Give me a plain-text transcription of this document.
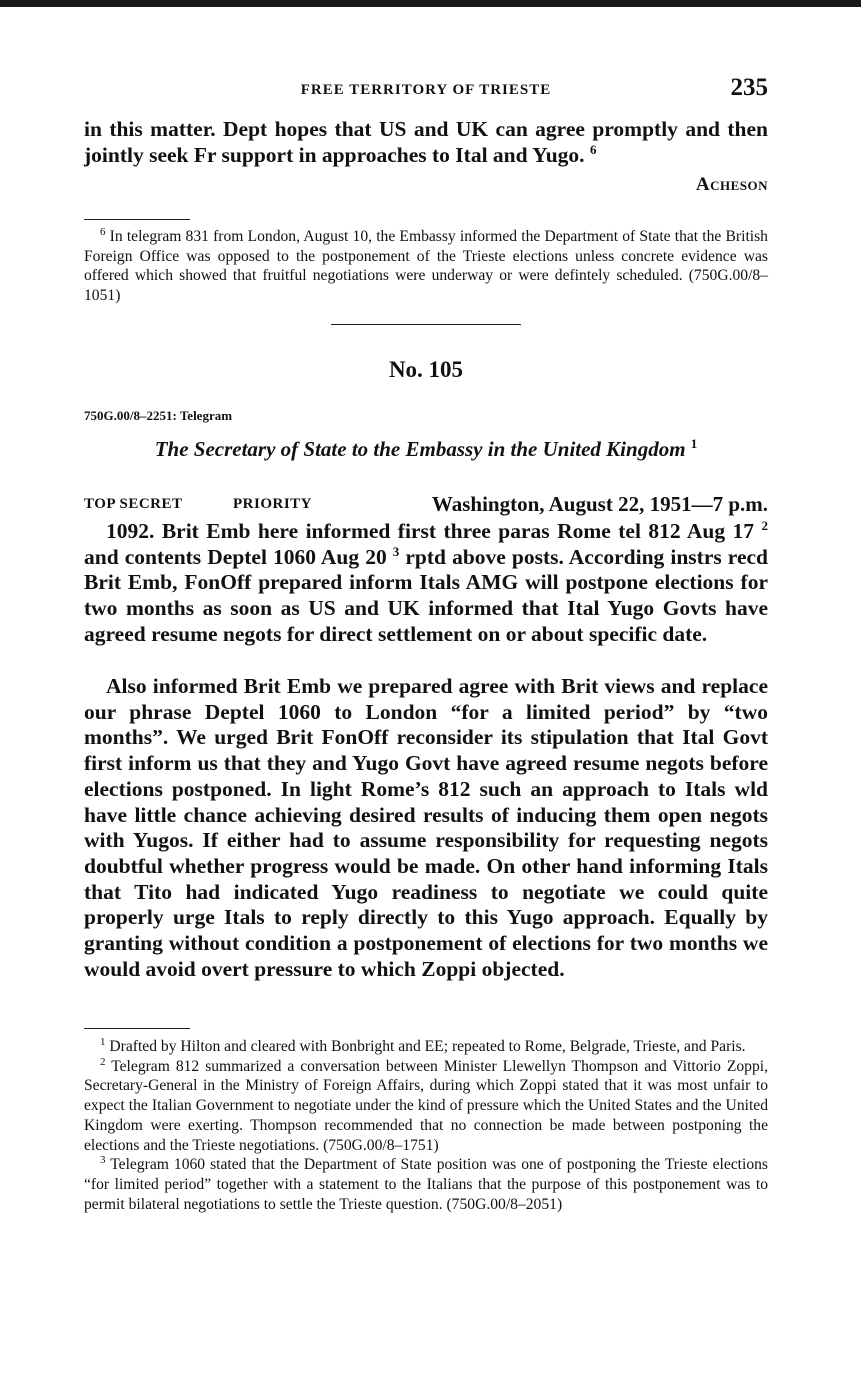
FREE TERRITORY OF TRIESTE	235
in this matter. Dept hopes that US and UK can agree promptly and then jointly seek Fr support in approaches to Ital and Yugo. $^6$
Acheson
$^6$ In telegram 831 from London, August 10, the Embassy informed the Department of State that the British Foreign Office was opposed to the postponement of the Trieste elections unless concrete evidence was offered which showed that fruitful negotiations were underway or were defintely scheduled. (750G.00/8–1051)
No. 105
750G.00/8–2251: Telegram
The Secretary of State to the Embassy in the United Kingdom $^1$
TOP SECRET	PRIORITY	Washington, August 22, 1951—7 p.m.
1092. Brit Emb here informed first three paras Rome tel 812 Aug 17 $^2$ and contents Deptel 1060 Aug 20 $^3$ rptd above posts. According instrs recd Brit Emb, FonOff prepared inform Itals AMG will postpone elections for two months as soon as US and UK informed that Ital Yugo Govts have agreed resume negots for direct settlement on or about specific date.
Also informed Brit Emb we prepared agree with Brit views and replace our phrase Deptel 1060 to London “for a limited period” by “two months”. We urged Brit FonOff reconsider its stipulation that Ital Govt first inform us that they and Yugo Govt have agreed resume negots before elections postponed. In light Rome’s 812 such an approach to Itals wld have little chance achieving desired results of inducing them open negots with Yugos. If either had to assume responsibility for requesting negots doubtful whether progress would be made. On other hand informing Itals that Tito had indicated Yugo readiness to negotiate we could quite properly urge Itals to reply directly to this Yugo approach. Equally by granting without condition a postponement of elections for two months we would avoid overt pressure to which Zoppi objected.
$^1$ Drafted by Hilton and cleared with Bonbright and EE; repeated to Rome, Belgrade, Trieste, and Paris.
$^2$ Telegram 812 summarized a conversation between Minister Llewellyn Thompson and Vittorio Zoppi, Secretary-General in the Ministry of Foreign Affairs, during which Zoppi stated that it was most unfair to expect the Italian Government to negotiate under the kind of pressure which the United States and the United Kingdom were exerting. Thompson recommended that no connection be made between postponing the elections and the Trieste negotiations. (750G.00/8–1751)
$^3$ Telegram 1060 stated that the Department of State position was one of postponing the Trieste elections “for limited period” together with a statement to the Italians that the purpose of this postponement was to permit bilateral negotiations to settle the Trieste question. (750G.00/8–2051)
